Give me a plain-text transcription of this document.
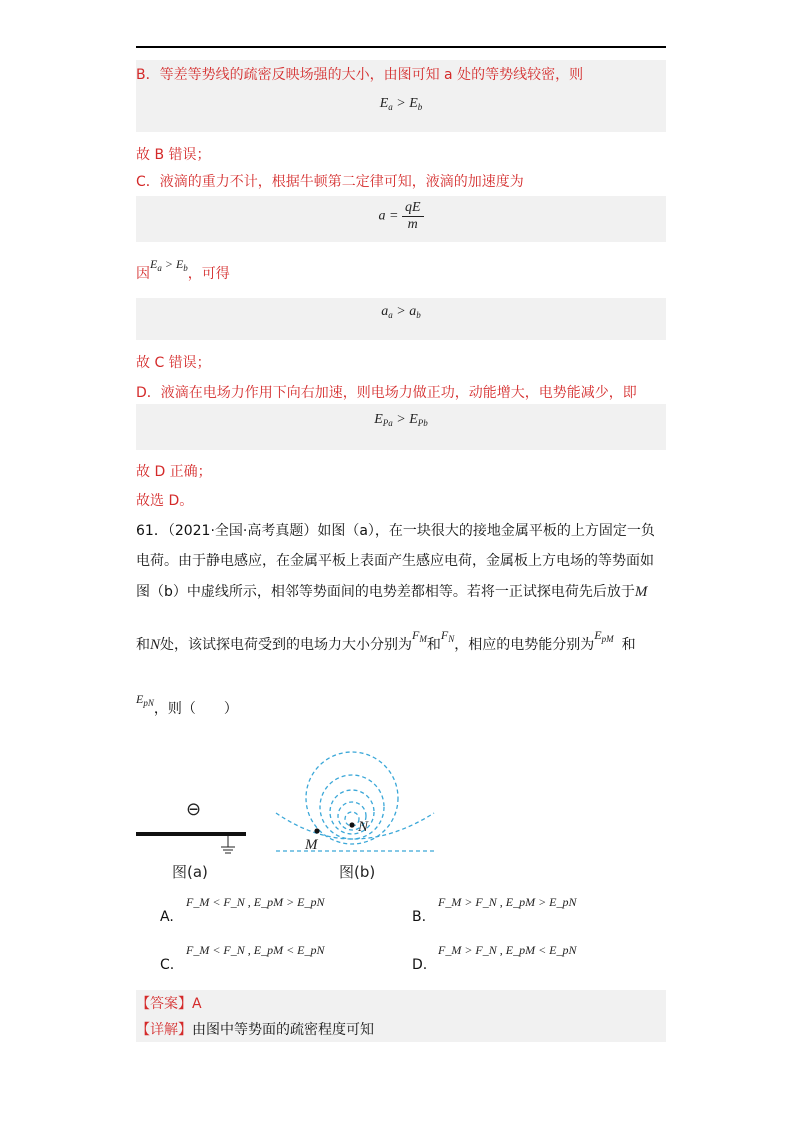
B．等差等势线的疏密反映场强的大小，由图可知 a 处的等势线较密，则
$E_a > E_b$
故 B 错误；
C．液滴的重力不计，根据牛顿第二定律可知，液滴的加速度为
$a = \frac{qE}{m}$
因$E_a > E_b$，可得
$a_a > a_b$
故 C 错误；
D．液滴在电场力作用下向右加速，则电场力做正功，动能增大，电势能减少，即
$E_{Pa} > E_{Pb}$
故 D 正确；
故选 D。
61．（2021·全国·高考真题）如图（a），在一块很大的接地金属平板的上方固定一负
电荷。由于静电感应，在金属平板上表面产生感应电荷，金属板上方电场的等势面如
图（b）中虚线所示，相邻等势面间的电势差都相等。若将一正试探电荷先后放于M
和N处，该试探电荷受到的电场力大小分别为$F_M$和$F_N$，相应的电势能分别为$E_{pM}$ 和
$E_{pN}$，则（　　）
⊖
图(a)
M
N
图(b)
A.
F_M < F_N , E_pM > E_pN
B.
F_M > F_N , E_pM > E_pN
C.
F_M < F_N , E_pM < E_pN
D.
F_M > F_N , E_pM < E_pN
【答案】A
【详解】由图中等势面的疏密程度可知
